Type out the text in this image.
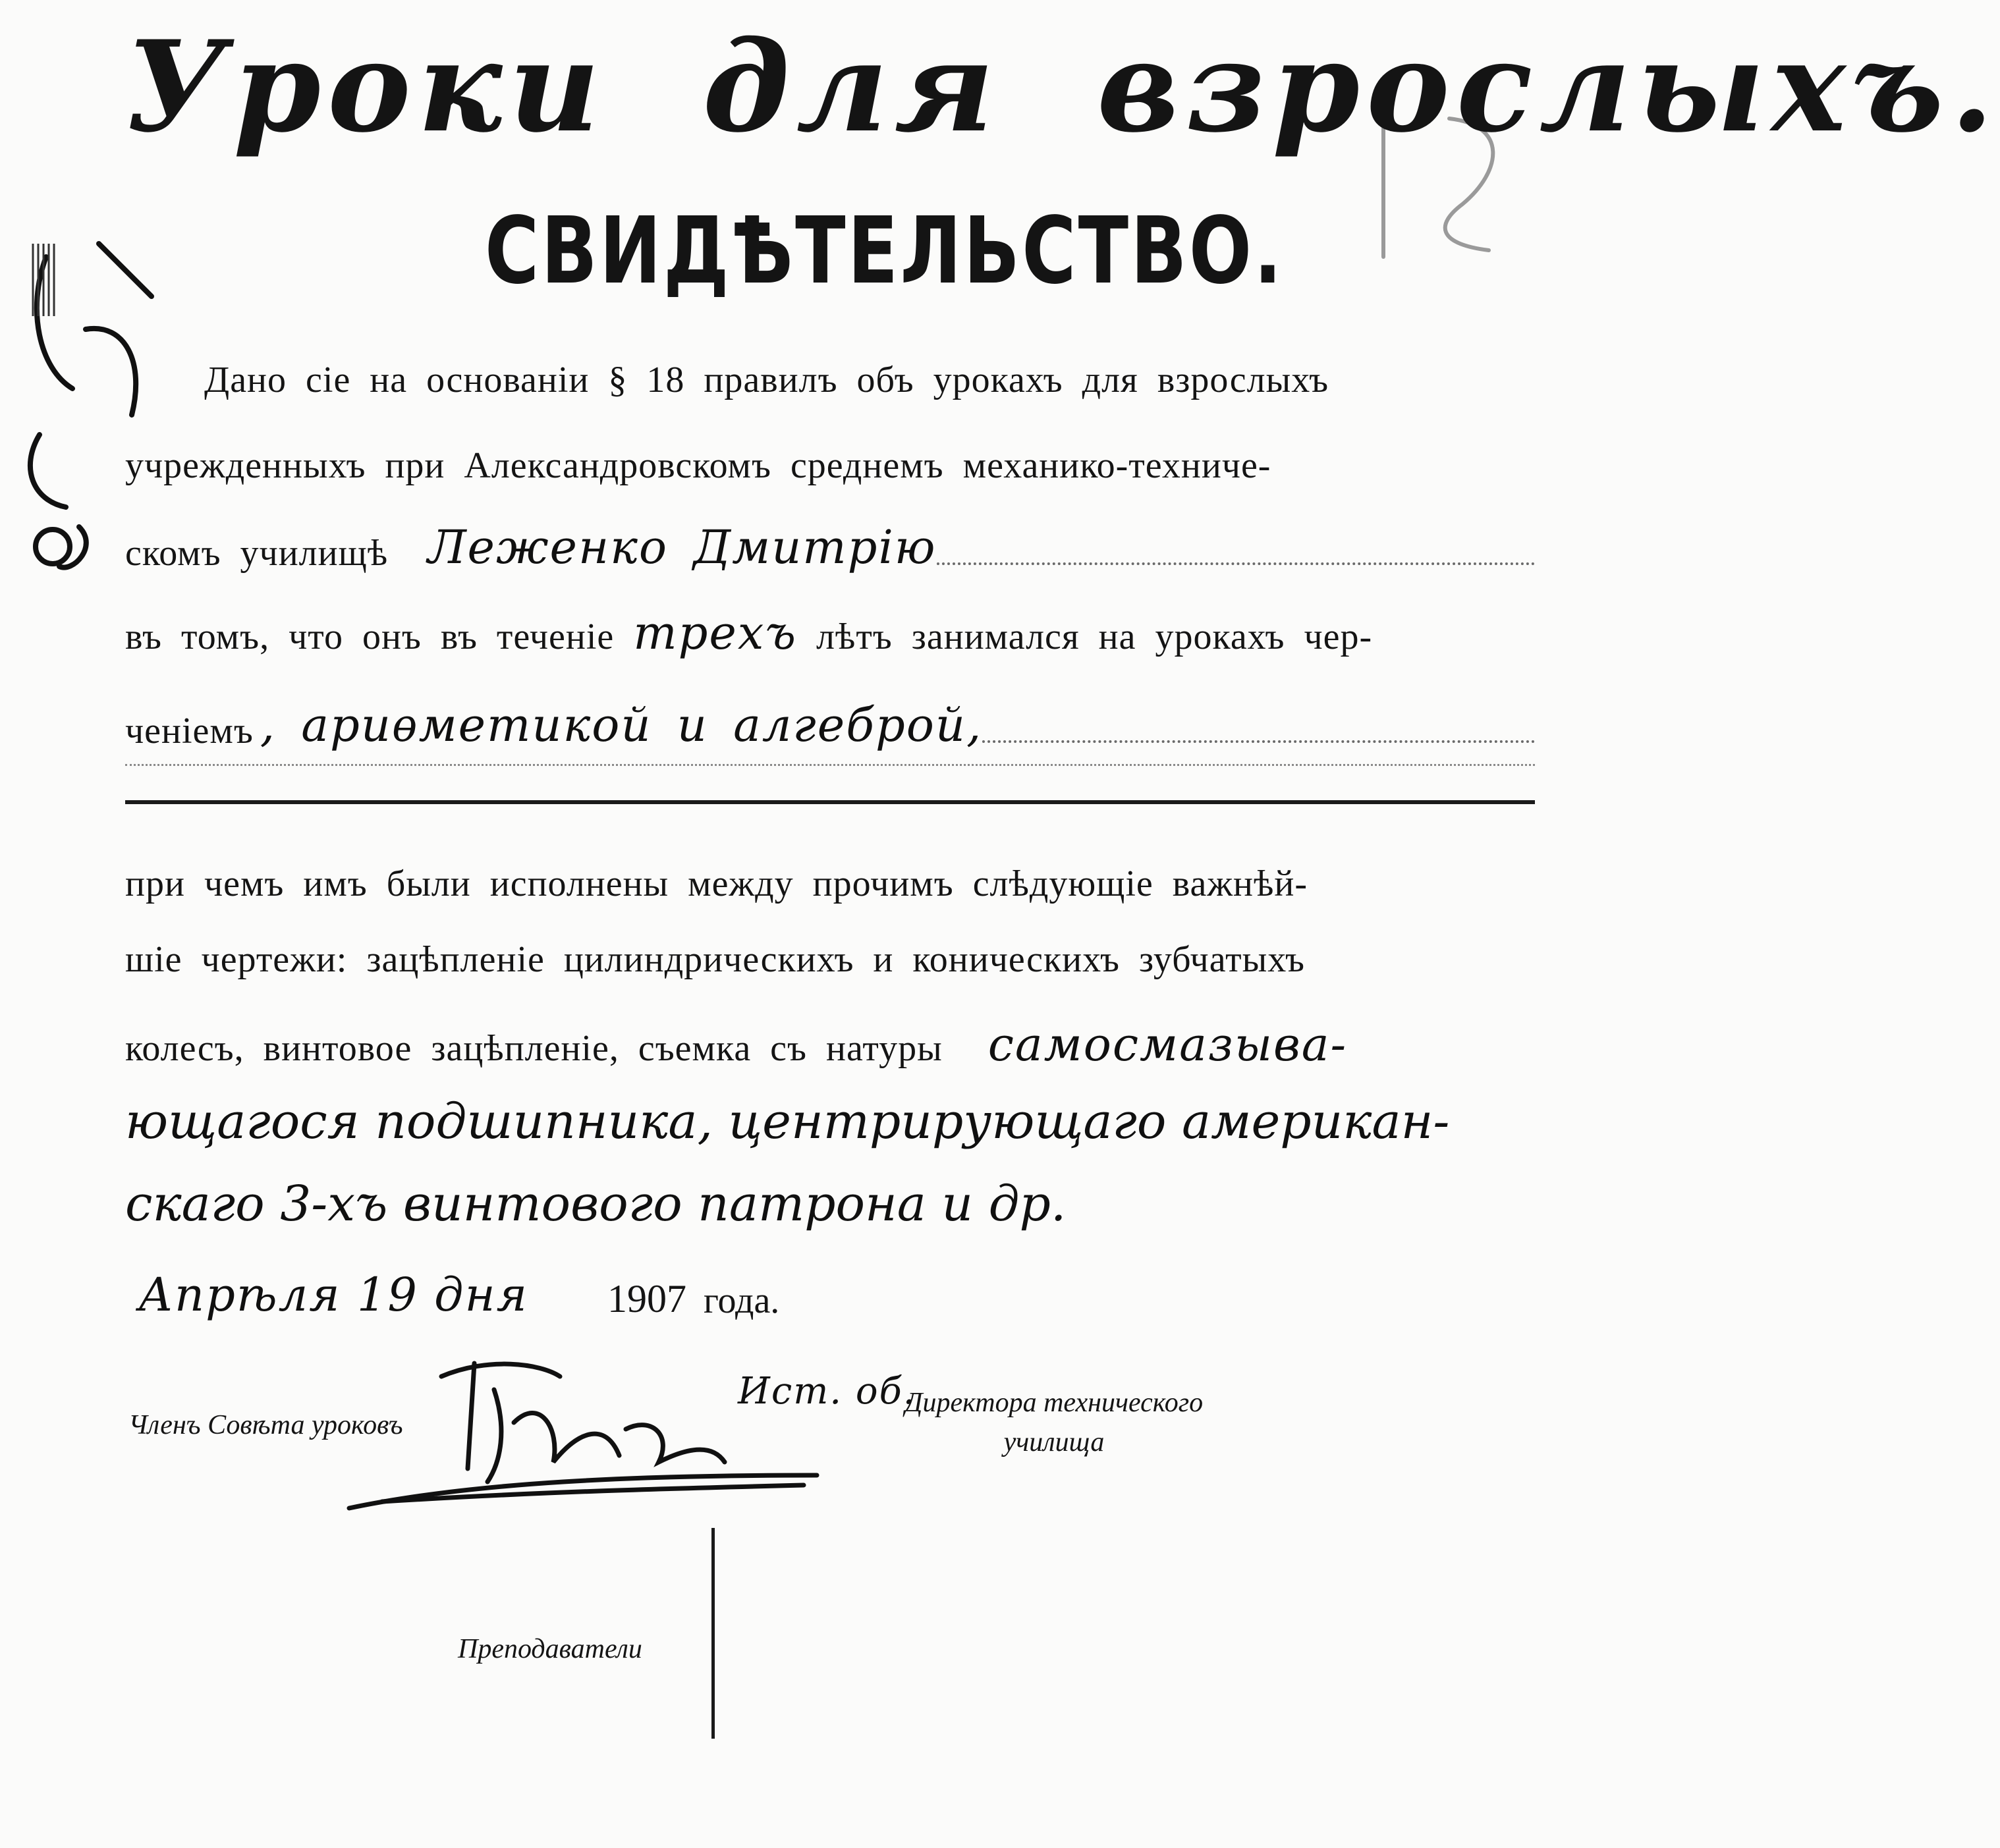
Уроки для взрослыхъ.
СВИДѢТЕЛЬСТВО.
Дано сіе на основаніи § 18 правилъ объ урокахъ для взрослыхъ
учрежденныхъ при Александровскомъ среднемъ механико-техниче-
скомъ училищѣ Леженко Дмитрію
въ томъ, что онъ въ теченіе трехъ лѣтъ занимался на урокахъ чер-
ченіемъ , ариѳметикой и алгеброй,
при чемъ имъ были исполнены между прочимъ слѣдующіе важнѣй-
шіе чертежи: зацѣпленіе цилиндрическихъ и коническихъ зубчатыхъ
колесъ, винтовое зацѣпленіе, съемка съ натуры самосмазыва-
ющагося подшипника, центрирующаго американ-
скаго 3-хъ винтового патрона и др.
Апрѣля 19 дня 1907 года.
Членъ Совѣта уроковъ
Ист. об.
Директора технического училища
Преподаватели
